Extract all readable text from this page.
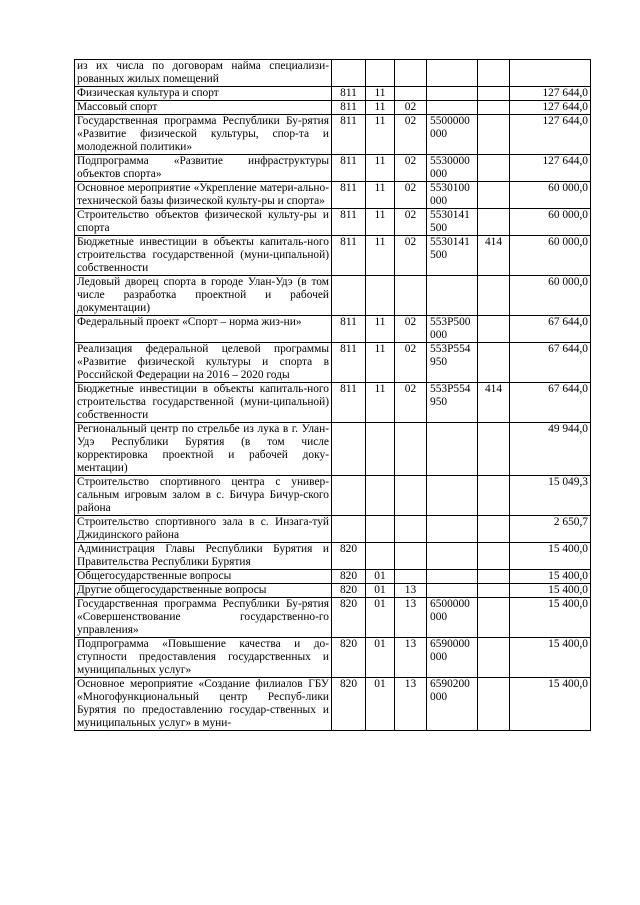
из их числа по договорам найма специализи-рованных жилых помещений						
Физическая культура и спорт	811	11				127 644,0
Массовый спорт	811	11	02			127 644,0
Государственная программа Республики Бу-рятия «Развитие физической культуры, спор-та и молодежной политики»	811	11	02	5500000 000		127 644,0
Подпрограмма «Развитие инфраструктуры объектов спорта»	811	11	02	5530000 000		127 644,0
Основное мероприятие «Укрепление матери-ально-технической базы физической культу-ры и спорта»	811	11	02	5530100 000		60 000,0
Строительство объектов физической культу-ры и спорта	811	11	02	5530141 500		60 000,0
Бюджетные инвестиции в объекты капиталь-ного строительства государственной (муни-ципальной) собственности	811	11	02	5530141 500	414	60 000,0
Ледовый дворец спорта в городе Улан-Удэ (в том числе разработка проектной и рабочей документации)						60 000,0
Федеральный проект «Спорт – норма жиз-ни»	811	11	02	553P500 000		67 644,0
Реализация федеральной целевой программы «Развитие физической культуры и спорта в Российской Федерации на 2016 – 2020 годы	811	11	02	553P554 950		67 644,0
Бюджетные инвестиции в объекты капиталь-ного строительства государственной (муни-ципальной) собственности	811	11	02	553P554 950	414	67 644,0
Региональный центр по стрельбе из лука в г. Улан-Удэ Республики Бурятия (в том числе корректировка проектной и рабочей доку-ментации)						49 944,0
Строительство спортивного центра с универ-сальным игровым залом в с. Бичура Бичур-ского района						15 049,3
Строительство спортивного зала в с. Инзага-туй Джидинского района						2 650,7
Администрация Главы Республики Бурятия и Правительства Республики Бурятия	820					15 400,0
Общегосударственные вопросы	820	01				15 400,0
Другие общегосударственные вопросы	820	01	13			15 400,0
Государственная программа Республики Бу-рятия «Совершенствование государственно-го управления»	820	01	13	6500000 000		15 400,0
Подпрограмма «Повышение качества и до-ступности предоставления государственных и муниципальных услуг»	820	01	13	6590000 000		15 400,0
Основное мероприятие «Создание филиалов ГБУ «Многофункциональный центр Респуб-лики Бурятия по предоставлению государ-ственных и муниципальных услуг» в муни-	820	01	13	6590200 000		15 400,0
